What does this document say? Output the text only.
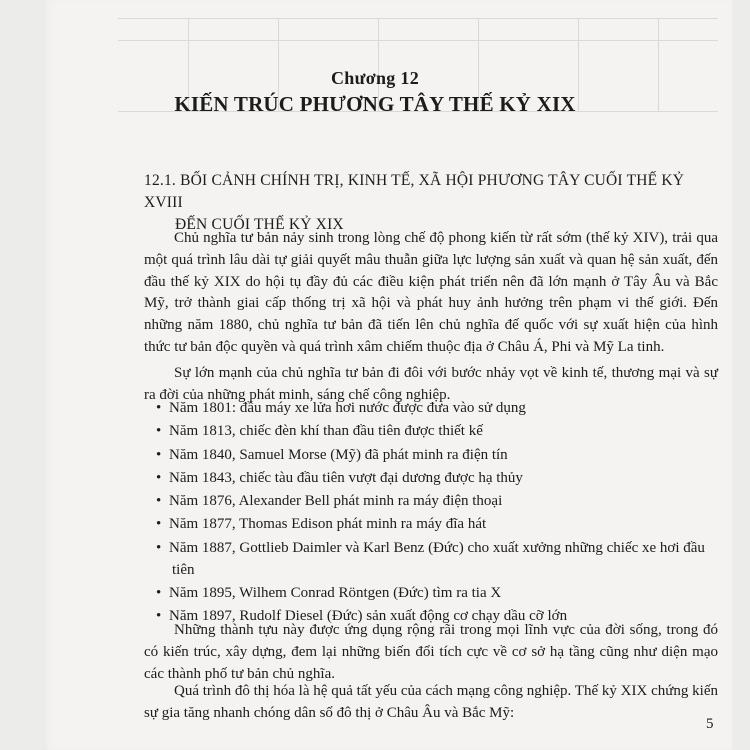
Chương 12
KIẾN TRÚC PHƯƠNG TÂY THẾ KỶ XIX
12.1. BỐI CẢNH CHÍNH TRỊ, KINH TẾ, XÃ HỘI PHƯƠNG TÂY CUỐI THẾ KỶ XVIII
ĐẾN CUỐI THẾ KỶ XIX

Chủ nghĩa tư bản nảy sinh trong lòng chế độ phong kiến từ rất sớm (thế kỷ XIV), trải qua một quá trình lâu dài tự giải quyết mâu thuẫn giữa lực lượng sản xuất và quan hệ sản xuất, đến đầu thế kỷ XIX do hội tụ đầy đủ các điều kiện phát triển nên đã lớn mạnh ở Tây Âu và Bắc Mỹ, trở thành giai cấp thống trị xã hội và phát huy ảnh hưởng trên phạm vi thế giới. Đến những năm 1880, chủ nghĩa tư bản đã tiến lên chủ nghĩa đế quốc với sự xuất hiện của hình thức tư bản độc quyền và quá trình xâm chiếm thuộc địa ở Châu Á, Phi và Mỹ La tinh.

Sự lớn mạnh của chủ nghĩa tư bản đi đôi với bước nhảy vọt về kinh tế, thương mại và sự ra đời của những phát minh, sáng chế công nghiệp.

• Năm 1801: đầu máy xe lửa hơi nước được đưa vào sử dụng
• Năm 1813, chiếc đèn khí than đầu tiên được thiết kế
• Năm 1840, Samuel Morse (Mỹ) đã phát minh ra điện tín
• Năm 1843, chiếc tàu đầu tiên vượt đại dương được hạ thủy
• Năm 1876, Alexander Bell phát minh ra máy điện thoại
• Năm 1877, Thomas Edison phát minh ra máy đĩa hát
• Năm 1887, Gottlieb Daimler và Karl Benz (Đức) cho xuất xưởng những chiếc xe hơi đầu tiên
• Năm 1895, Wilhem Conrad Röntgen (Đức) tìm ra tia X
• Năm 1897, Rudolf Diesel (Đức) sản xuất động cơ chạy dầu cỡ lớn

Những thành tựu này được ứng dụng rộng rãi trong mọi lĩnh vực của đời sống, trong đó có kiến trúc, xây dựng, đem lại những biến đổi tích cực về cơ sở hạ tầng cũng như diện mạo các thành phố tư bản chủ nghĩa.

Quá trình đô thị hóa là hệ quả tất yếu của cách mạng công nghiệp. Thế kỷ XIX chứng kiến sự gia tăng nhanh chóng dân số đô thị ở Châu Âu và Bắc Mỹ:

5
